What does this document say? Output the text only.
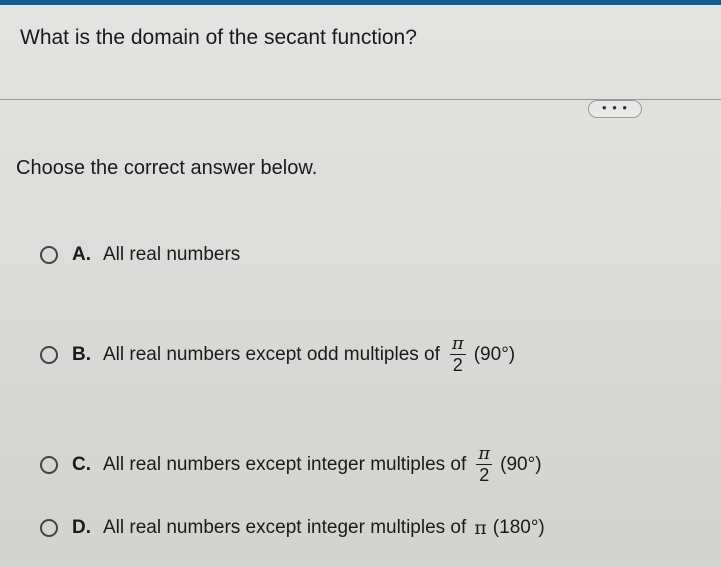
What is the domain of the secant function?
• • •
Choose the correct answer below.
A. All real numbers
B. All real numbers except odd multiples of $\frac{\pi}{2} (90^\circ)$
C. All real numbers except integer multiples of $\frac{\pi}{2} (90^\circ)$
D. All real numbers except integer multiples of π (180°)
